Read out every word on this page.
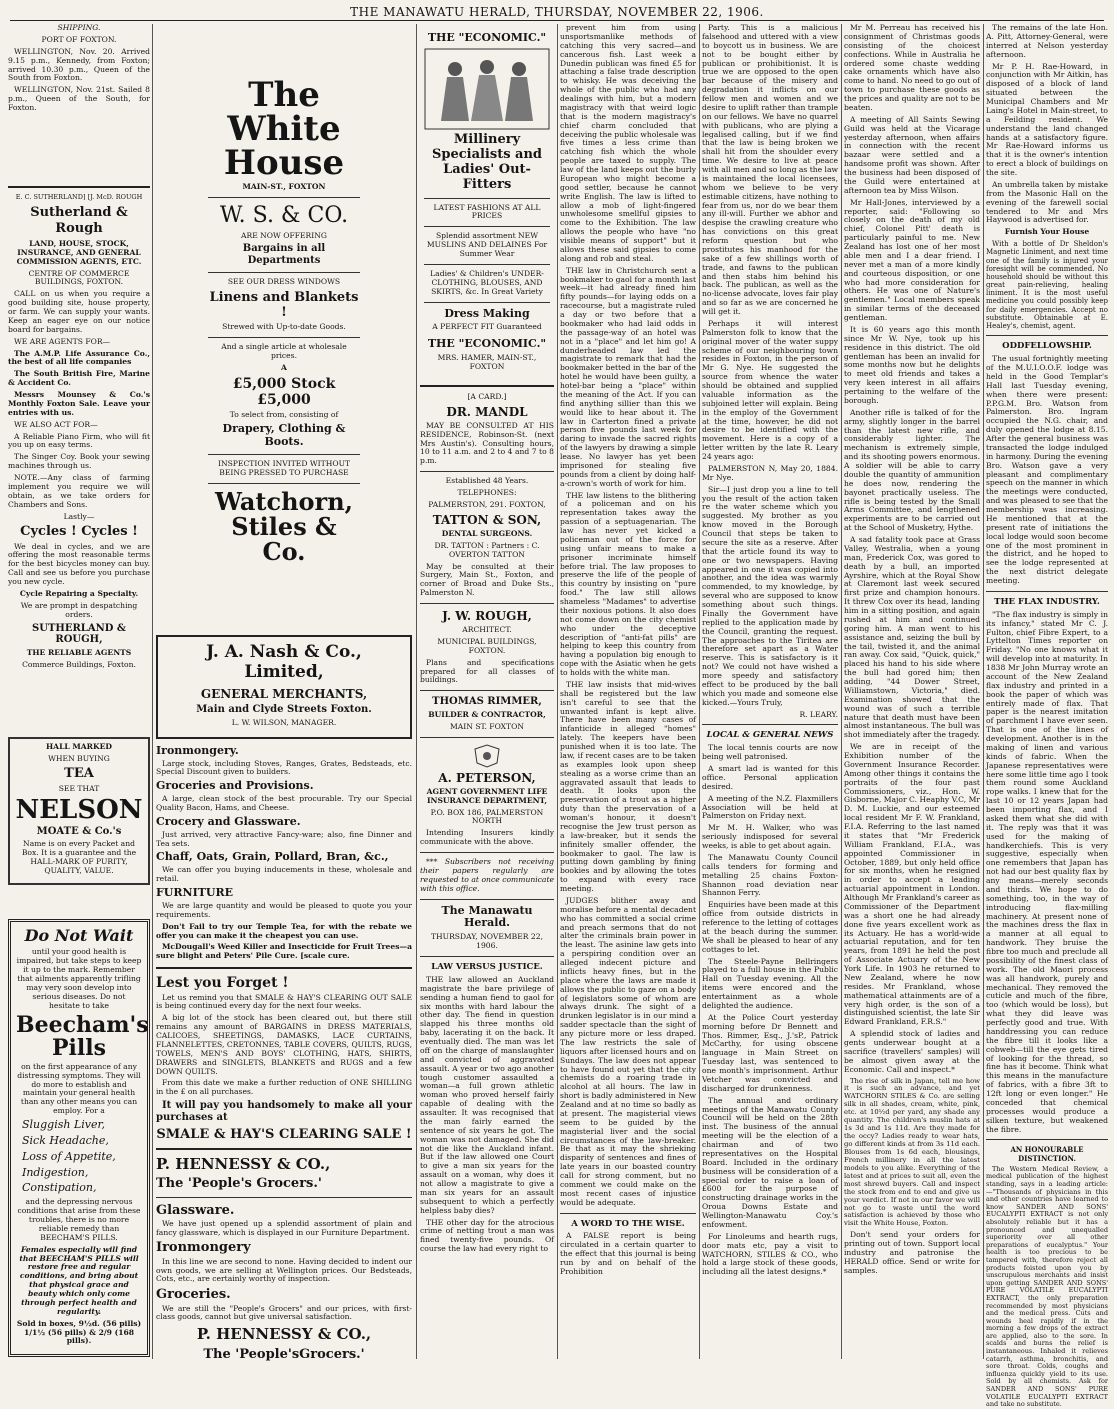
THE MANAWATU HERALD, THURSDAY, NOVEMBER 22, 1906.

SHIPPING.

PORT OF FOXTON.

WELLINGTON, Nov. 20. Arrived 9.15 p.m., Kennedy, from Foxton; arrived 10.30 p.m., Queen of the South from Foxton.

WELLINGTON, Nov. 21st. Sailed 8 p.m., Queen of the South, for Foxton.

E. C. SUTHERLAND] [J. McD. ROUGH

Sutherland & Rough

LAND, HOUSE, STOCK, INSURANCE, AND GENERAL COMMISSION AGENTS, ETC.

CENTRE OF COMMERCE BUILDINGS, FOXTON.

CALL on us when you require a good building site, house property, or farm. We can supply your wants. Keep an eager eye on our notice board for bargains.

WE ARE AGENTS FOR—

The A.M.P. Life Assurance Co., the best of all life companies

The South British Fire, Marine & Accident Co.

Messrs Mounsey & Co.'s Monthly Foxton Sale. Leave your entries with us.

WE ALSO ACT FOR—

A Reliable Piano Firm, who will fit you up on easy terms.

The Singer Coy. Book your sewing machines through us.

NOTE.—Any class of farming implement you require we will obtain, as we take orders for Chambers and Sons.

Lastly—

Cycles ! Cycles !

We deal in cycles, and we are offering the most reasonable terms for the best bicycles money can buy. Call and see us before you purchase you new cycle.

Cycle Repairing a Specialty.

We are prompt in despatching orders.

SUTHERLAND & ROUGH,

THE RELIABLE AGENTS

Commerce Buildings, Foxton.

HALL MARKED

WHEN BUYING

TEA

SEE THAT

NELSON

MOATE & Co.'s

Name is on every Packet and Box. It is a guarantee and the HALL-MARK OF PURITY, QUALITY, VALUE.

Do Not Wait

until your good health is impaired, but take steps to keep it up to the mark. Remember that ailments apparently trifling may very soon develop into serious diseases. Do not hesitate to take

Beecham's Pills

on the first appearance of any distressing symptoms. They will do more to establish and maintain your general health than any other means you can employ. For a

Sluggish Liver,

Sick Headache,

Loss of Appetite,

Indigestion,

Constipation,

and the depressing nervous conditions that arise from these troubles, there is no more reliable remedy than BEECHAM'S PILLS.

Females especially will find that BEECHAM'S PILLS will restore free and regular conditions, and bring about that physical grace and beauty which only come through perfect health and regularity.

Sold in boxes, 9½d. (56 pills) 1/1½ (56 pills) & 2/9 (168 pills).

The White House

MAIN-ST., FOXTON

W. S. & CO.

ARE NOW OFFERING

Bargains in all Departments

SEE OUR DRESS WINDOWS

Linens and Blankets !

Strewed with Up-to-date Goods.

And a single article at wholesale prices.

A

£5,000 Stock £5,000

To select from, consisting of

Drapery, Clothing & Boots.

INSPECTION INVITED WITHOUT BEING PRESSED TO PURCHASE

Watchorn, Stiles & Co.

J. A. Nash & Co., Limited,

GENERAL MERCHANTS,

Main and Clyde Streets Foxton.

L. W. WILSON, MANAGER.

Ironmongery.

Large stock, including Stoves, Ranges, Grates, Bedsteads, etc. Special Discount given to builders.

Groceries and Provisions.

A large, clean stock of the best procurable. Try our Special Quality Bacon, Hams, and Cheese.

Crocery and Glassware.

Just arrived, very attractive Fancy-ware; also, fine Dinner and Tea sets.

Chaff, Oats, Grain, Pollard, Bran, &c.,

We can offer you buying inducements in these, wholesale and retail.

FURNITURE

We are large quantity and would be pleased to quote you your requirements.

Don't Fail to try our Temple Tea, for with the rebate we offer you can make it the cheapest you can use.

McDougall's Weed Killer and Insecticide for Fruit Trees—a sure blight and Peters' Pile Cure. [scale cure.

Lest you Forget !

Let us remind you that SMALE & HAY'S CLEARING OUT SALE is being continued every day for the next four weeks.

A big lot of the stock has been cleared out, but there still remains any amount of BARGAINS in DRESS MATERIALS, CALICOES, SHEETINGS, DAMASKS, LACE CURTAINS, FLANNELETTES, CRETONNES, TABLE COVERS, QUILTS, RUGS, TOWELS, MEN'S AND BOYS' CLOTHING, HATS, SHIRTS, DRAWERS and SINGLETS, BLANKETS and RUGS and a few DOWN QUILTS.

From this date we make a further reduction of ONE SHILLING in the £ on all purchases.

It will pay you handsomely to make all your purchases at

SMALE & HAY'S CLEARING SALE !

P. HENNESSY & CO.,

The 'People's Grocers.'

Glassware.

We have just opened up a splendid assortment of plain and fancy glassware, which is displayed in our Furniture Department.

Ironmongery

In this line we are second to none. Having decided to indent our own goods, we are selling at Wellington prices. Our Bedsteads, Cots, etc., are certainly worthy of inspection.

Groceries.

We are still the "People's Grocers" and our prices, with first-class goods, cannot but give universal satisfaction.

P. HENNESSY & CO.,

The 'People'sGrocers.'

THE "ECONOMIC."

Millinery Specialists and Ladies' Out-Fitters

LATEST FASHIONS AT ALL PRICES

Splendid assortment NEW MUSLINS AND DELAINES For Summer Wear

Ladies' & Children's UNDER-CLOTHING, BLOUSES, AND SKIRTS, &c. In Great Variety

Dress Making

A PERFECT FIT Guaranteed

THE "ECONOMIC."

MRS. HAMER, MAIN-ST., FOXTON

[A CARD.]

DR. MANDL

MAY BE CONSULTED AT HIS RESIDENCE, Robinson-St. (next Mrs Austin's). Consulting hours, 10 to 11 a.m. and 2 to 4 and 7 to 8 p.m.

Established 48 Years.

TELEPHONES:

PALMERSTON, 291. FOXTON,

TATTON & SON,

DENTAL SURGEONS.

DR. TATTON : Partners : C. OVERTON TATTON

May be consulted at their Surgery, Main St., Foxton, and corner of Broad and Duke Sts., Palmerston N.

J. W. ROUGH,

ARCHITECT.

MUNICIPAL BUILDINGS, FOXTON.

Plans and specifications prepared for all classes of buildings.

THOMAS RIMMER,

BUILDER & CONTRACTOR,

MAIN ST. FOXTON

A. PETERSON,

AGENT GOVERNMENT LIFE INSURANCE DEPARTMENT,

P.O. BOX 186, PALMERSTON NORTH

Intending Insurers kindly communicate with the above.

*** Subscribers not receiving their papers regularly are requested to at once communicate with this office.

The Manawatu Herald.

THURSDAY, NOVEMBER 22, 1906.

LAW VERSUS JUSTICE.

THE law allowed an Auckland magistrate the bare privilege of sending a human fiend to gaol for six months with hard labour the other day. The fiend in question slapped his three months old baby, lacerating it on the back. It eventually died. The man was let off on the charge of manslaughter and convicted of aggravated assault. A year or two ago another tough customer assaulted a woman—a full grown athletic woman who proved herself fairly capable of dealing with the assaulter. It was recognised that the man fairly earned the sentence of six years he got. The woman was not damaged. She did not die like the Auckland infant. But if the law allowed one Court to give a man six years for the assault on a woman, why does it not allow a magistrate to give a man six years for an assault subsequent to which a perfectly helpless baby dies?

THE other day for the atrocious crime of netting trout a man was fined twenty-five pounds. Of course the law had every right to

prevent him from using unsportsmanlike methods of catching this very sacred—and cancerous fish. Last week a Dunedin publican was fined £5 for attaching a false trade description to whisky. He was deceiving the whole of the public who had any dealings with him, but a modern magistracy with that weird logic that is the modern magistracy's chief charm concluded that deceiving the public wholesale was five times a less crime than catching fish which the whole people are taxed to supply. The law of the land keeps out the burly European who might become a good settler, because he cannot write English. The law is lifted to allow a mob of light-fingered unwholesome smellful gipsies to come to the Exhibition. The law allows the people who have "no visible means of support" but it allows these said gipsies to come along and rob and steal.

THE law in Christchurch sent a bookmaker to gaol for a month last week—it had already fined him fifty pounds—for laying odds on a racecourse, but a magistrate ruled a day or two before that a bookmaker who had laid odds in the passage-way of an hotel was not in a "place" and let him go! A dunderheaded law led the magistrate to remark that had the bookmaker betted in the bar of the hotel he would have been guilty, a hotel-bar being a "place" within the meaning of the Act. If you can find anything sillier than this we would like to hear about it. The law in Carterton fined a private person five pounds last week for daring to invade the sacred rights of the lawyers by drawing a simple lease. No lawyer has yet been imprisoned for stealing five pounds from a client by doing half-a-crown's worth of work for him.

THE law listens to the blithering of a policeman and on his representation takes away the passion of a septuagenarian. The law has never yet kicked a policeman out of the force for using unfair means to make a prisoner incriminate himself before trial. The law proposes to preserve the life of the people of this country by insisting on "pure food." The law still allows shameless "Madames" to advertise their noxious potions. It also does not come down on the city chemist who under the deceptive description of "anti-fat pills" are helping to keep this country from having a population big enough to cope with the Asiatic when he gets to holds with the white man.

THE law insists that mid-wives shall be registered but the law isn't careful to see that the unwanted infant is kept alive. There have been many cases of infanticide in alleged "homes" lately. The keepers have been punished when it is too late. The law, if recent cases are to be taken as examples look upon sheep stealing as a worse crime than an aggravated assault that leads to death. It looks upon the preservation of a trout as a higher duty than the preservation of a woman's honour, it doesn't recognise the Jew trust person as a law-breaker, but it sends the infinitely smaller offender, the bookmaker to gaol. The law is putting down gambling by fining bookies and by allowing the totes to expand with every race meeting.

JUDGES blither away and moralise before a mental decadent who has committed a social crime and preach sermons that do not alter the criminals brain power in the least. The asinine law gets into a perspiring condition over an alleged indecent picture and inflicts heavy fines, but in the place where the laws are made it allows the public to gaze on a body of legislators some of whom are always drunk. The sight of a drunken legislator is in our mind a sadder spectacle than the sight of any picture more or less draped. The law restricts the sale of liquors after licensed hours and on Sundays. The law does not appear to have found out yet that the city chemists do a roaring trade in alcohol at all hours. The law in short is badly administered in New Zealand and at no time so badly as at present. The magisterial views seem to be guided by the magisterial liver and the social circumstances of the law-breaker. Be that as it may the shrieking disparity of sentences and fines of late years in our boasted country call for strong comment, but no comment we could make on the most recent cases of injustice would be adequate.

A WORD TO THE WISE.

A FALSE report is being circulated in a certain quarter to the effect that this journal is being run by and on behalf of the Prohibition

Party. This is a malicious falsehood and uttered with a view to boycott us in business. We are not to be bought either by publican or prohibitionist. It is true we are opposed to the open bar because of the misery and degradation it inflicts on our fellow men and women and we desire to uplift rather than trample on our fellows. We have no quarrel with publicans, who are plying a legalised calling, but if we find that the law is being broken we shall hit from the shoulder every time. We desire to live at peace with all men and so long as the law is maintained the local licensees, whom we believe to be very estimable citizens, have nothing to fear from us, nor do we bear them any ill-will. Further we abhor and despise the crawling creature who has convictions on this great reform question but who prostitutes his manhood for the sake of a few shillings worth of trade, and fawns to the publican and then stabs him behind his back. The publican, as well as the no-license advocate, loves fair play and so far as we are concerned he will get it.

Perhaps it will interest Palmerston folk to know that the original mover of the water suppy scheme of our neighbouring town resides in Foxton, in the person of Mr G. Nye. He suggested the source from whence the water should be obtained and supplied valuable information as the subjoined letter will explain. Being in the employ of the Government at the time, however, he did not desire to be identified with the movement. Here is a copy of a letter written by the late R. Leary 24 years ago:

PALMERSTON N, May 20, 1884. Mr Nye.

Sir—I just drop you a line to tell you the result of the action taken re the water scheme which you suggested. My brother as you know moved in the Borough Council that steps be taken to secure the site as a reserve. After that the article found its way to one or two newspapers. Having appeared in one it was copied into another, and the idea was warmly commended, to my knowledge, by several who are supposed to know something about such things. Finally the Government have replied to the application made by the Council, granting the request. The approaches to the Tiritea are therefore set apart as a Water reserve. This is satisfactory is it not? We could not have wished a more speedy and satisfactory effect to be produced by the ball which you made and someone else kicked.—Yours Truly,

R. LEARY.

LOCAL & GENERAL NEWS

The local tennis courts are now being well patronised.

A smart lad is wanted for this office. Personal application desired.

A meeting of the N.Z. Flaxmillers Association will be held at Palmerston on Friday next.

Mr M. H. Walker, who was seriously indisposed for several weeks, is able to get about again.

The Manawatu County Council calls tenders for forming and metalling 25 chains Foxton-Shannon road deviation near Shannon Ferry.

Enquiries have been made at this office from outside districts in reference to the letting of cottages at the beach during the summer. We shall be pleased to hear of any cottages to let.

The Steele-Payne Bellringers played to a full house in the Public Hall on Tuesday evening. All the items were encored and the entertainment as a whole delighted the audience.

At the Police Court yesterday morning before Dr Bennett and Thos. Rimmer, Esq., J.'sP., Patrick McCarthy, for using obscene language in Main Street on Tuesday last, was sentenced to one month's imprisonment. Arthur Vetcher was convicted and discharged for drunkenness.

The annual and ordinary meetings of the Manawatu County Council will be held on the 28th inst. The business of the annual meeting will be the election of a chairman and of two representatives on the Hospital Board. Included in the ordinary business will be consideration of a special order to raise a loan of £600 for the purpose of constructing drainage works in the Oroua Downs Estate and Wellington-Manawatu Coy.'s enfowment.

For Linoleums and hearth rugs, door mats etc, pay a visit to WATCHORN, STILES & CO., who hold a large stock of these goods, including all the latest designs.*

Mr M. Perreau has received his consignment of Christmas goods consisting of the choicest confections. While in Australia he ordered some chaste wedding cake ornaments which have also come to hand. No need to go out of town to purchase these goods as the prices and quality are not to be beaten.

A meeting of All Saints Sewing Guild was held at the Vicarage yesterday afternoon, when affairs in connection with the recent bazaar were settled and a handsome profit was shown. After the business had been disposed of the Guild were entertained at afternoon tea by Miss Wilson.

Mr Hall-Jones, interviewed by a reporter, said: "Following so closely on the death of my old chief, Colonel Pitt' death is particularly painful to me. New Zealand has lost one of her most able men and I a dear friend. I never met a man of a more kindly and courteous disposition, or one who had more consideration for others. He was one of Nature's gentlemen." Local members speak in similar terms of the deceased gentleman.

It is 60 years ago this month since Mr W. Nye, took up his residence in this district. The old gentleman has been an invalid for some months now but he delights to meet old friends and takes a very keen interest in all affairs pertaining to the welfare of the borough.

Another rifle is talked of for the army, slightly longer in the barrel than the latest new rifle, and considerably lighter. The mechanism is extremely simple, and its shooting powers enormous. A soldier will be able to carry double the quantity of ammunition he does now, rendering the bayonet practically useless. The rifle is being tested by the Small Arms Committee, and lengthened experiments are to be carried out at the School of Musketry, Hythe.

A sad fatality took pace at Grass Valley, Westralia, when a young man, Frederick Cox, was gored to death by a bull, an imported Ayrshire, which at the Royal Show at Claremont last week secured first prize and champion honours. It threw Cox over its head, landing him in a sitting position, and again rushed at him and continued goring him. A man went to his assistance and, seizing the bull by the tail, twisted it, and the animal ran away. Cox said, "Quick, quick," placed his hand to his side where the bull had gored him; then adding, "44 Dower Street, Williamstown, Victoria," died. Examination showed that the wound was of such a terrible nature that death must have been almost instantaneous. The bull was shot immediately after the tragedy.

We are in receipt of the Exhibition number of the Government Insurance Recorder. Among other things it contains the portraits of the four past Commissioners, viz., Hon. W. Gisborne, Major C. Heaphy V.C, Mr D. M. Luckie, and our esteemed local resident Mr F. W. Frankland, F.I.A. Referring to the last named it states that "Mr Frederick William Frankland, F.I.A., was appointed Commissioner in October, 1889, but only held office for six months, when he resigned in order to accept a leading actuarial appointment in London. Although Mr Frankland's career as Commissioner of the Department was a short one he had already done five years excellent work as its Actuary. He has a world-wide actuarial reputation, and for ten years, from 1891 he held the post of Associate Actuary of the New York Life. In 1903 he returned to New Zealand, where he now resides. Mr Frankland, whose mathematical attainments are of a very high order, is the son of a distinguished scientist, the late Sir Edward Frankland, F.R.S."

A splendid stock of ladies and gents underwear bought at a sacrifice (travellers' samples) will be almost given away at the Economic. Call and inspect.*

The rise of silk in Japan, tell me how it is such an advance, and yet WATCHORN STILES & Co. are selling silk in all shades, cream, white, pink, etc. at 10½d per yard, any shade any quantity. The children's muslin hats at 1s 3d and 1s 11d. Are they made for the occy? Ladies ready to wear hats, go different kinds at from 3s 11d each. Blouses from 1s 6d each, blousings, French millinery in all the latest models to you alike. Everything of the latest and at prices to suit all, even the most shrewd buyers. Call and inspect the stock from end to end and give us your verdict. If not in our favor we will not go to waste until the word satisfaction is achieved by those who visit the White House, Foxton.

Don't send your orders for printing out of town. Support local industry and patronise the HERALD office. Send or write for samples.

The remains of the late Hon. A. Pitt, Attorney-General, were interred at Nelson yesterday afternoon.

Mr P. H. Rae-Howard, in conjunction with Mr Aitkin, has disposed of a block of land situated between the Municipal Chambers and Mr Laing's Hotel in Main-street, to a Feilding resident. We understand the land changed hands at a satisfactory figure. Mr Rae-Howard informs us that it is the owner's intention to erect a block of buildings on the site.

An umbrella taken by mistake from the Masonic Hall on the evening of the farewell social tendered to Mr and Mrs Haywood is advertised for.

Furnish Your House

With a bottle of Dr Sheldon's Magnetic Liniment, and next time one of the family is injured your foresight will be commended. No household should be without this great pain-relieving, healing liniment. It is the most useful medicine you could possibly keep for daily emergencies. Accept no substitute. Obtainable at E. Healey's, chemist, agent.

ODDFELLOWSHIP.

The usual fortnightly meeting of the M.U.I.O.O.F. lodge was held in the Good Templar's Hall last Tuesday evening, when there were present: P.P.G.M. Bro. Watson from Palmerston. Bro. Ingram occupied the N.G. chair, and duly opened the lodge at 8.15. After the general business was transacted the lodge indulged in harmony. During the evening Bro. Watson gave a very pleasant and complimentary speech on the manner in which the meetings were conducted, and was pleased to see that the membership was increasing. He mentioned that at the present rate of initiations the local lodge would soon become one of the most prominent in the district, and he hoped to see the lodge represented at the next district delegate meeting.

THE FLAX INDUSTRY.

"The flax industry is simply in its infancy," stated Mr C. J. Fulton, chief Fibre Expert, to a Lyttelton Times reporter on Friday. "No one knows what it will develop into at maturity. In 1838 Mr John Murray wrote an account of the New Zealand flax industry and printed in a book the paper of which was entirely made of flax. That paper is the nearest imitation of parchment I have ever seen. That is one of the lines of development. Another is in the making of linen and various kinds of fabric. When the Japanese representatives were here some little time ago I took them round some Auckland rope walks. I knew that for the last 10 or 12 years Japan had been importing flax, and I asked them what she did with it. The reply was that it was used for the making of handkerchiefs. This is very suggestive, especially when one remembers that Japan has not had our best quality flax by any means—merely seconds and thirds. We hope to do something, too, in the way of introducing flax-milling machinery. At present none of the machines dress the flax in a manner at all equal to handwork. They bruise the fibre too much and preclude all possibility of the finest class of work. The old Maori process was all handwork, purely and mechanical. They removed the cuticle and much of the fibre, too (which would be loss), but what they did leave was perfectly good and true. With handdressing you can reduce the fibre till it looks like a cobweb—till the eye gets tired of looking for the thread, so fine has it become. Think what this means in the manufacture of fabrics, with a fibre 3ft to 12ft long or even longer." He conceded that chemical processes would produce a silken texture, but weakened the fibre.

AN HONOURABLE DISTINCTION.

The Western Medical Review, a medical publication of the highest standing, says in a leading article:—"Thousands of physicians in this and other countries have learned to know SANDER AND SONS' EUCALYPTI EXTRACT is not only absolutely reliable but it has a pronounced and unequalled superiority over all other preparations of eucalyptus." Your health is too precious to be tampered with, therefore reject all products foisted upon you by unscrupulous merchants and insist upon getting SANDER AND SONS' PURE VOLATILE EUCALYPTI EXTRACT, the only preparation recommended by most physicians and the medical press. Cuts and wounds heal rapidly if in the morning a few drops of the extract are applied, also to the sore. In scalds and burns the relief is instantaneous. Inhaled it relieves catarrh, asthma, bronchitis, and sore throat. Colds, coughs and influenza quickly yield to its use. Sold by all chemists. Ask for SANDER AND SONS' PURE VOLATILE EUCALYPTI EXTRACT and take no substitute.
